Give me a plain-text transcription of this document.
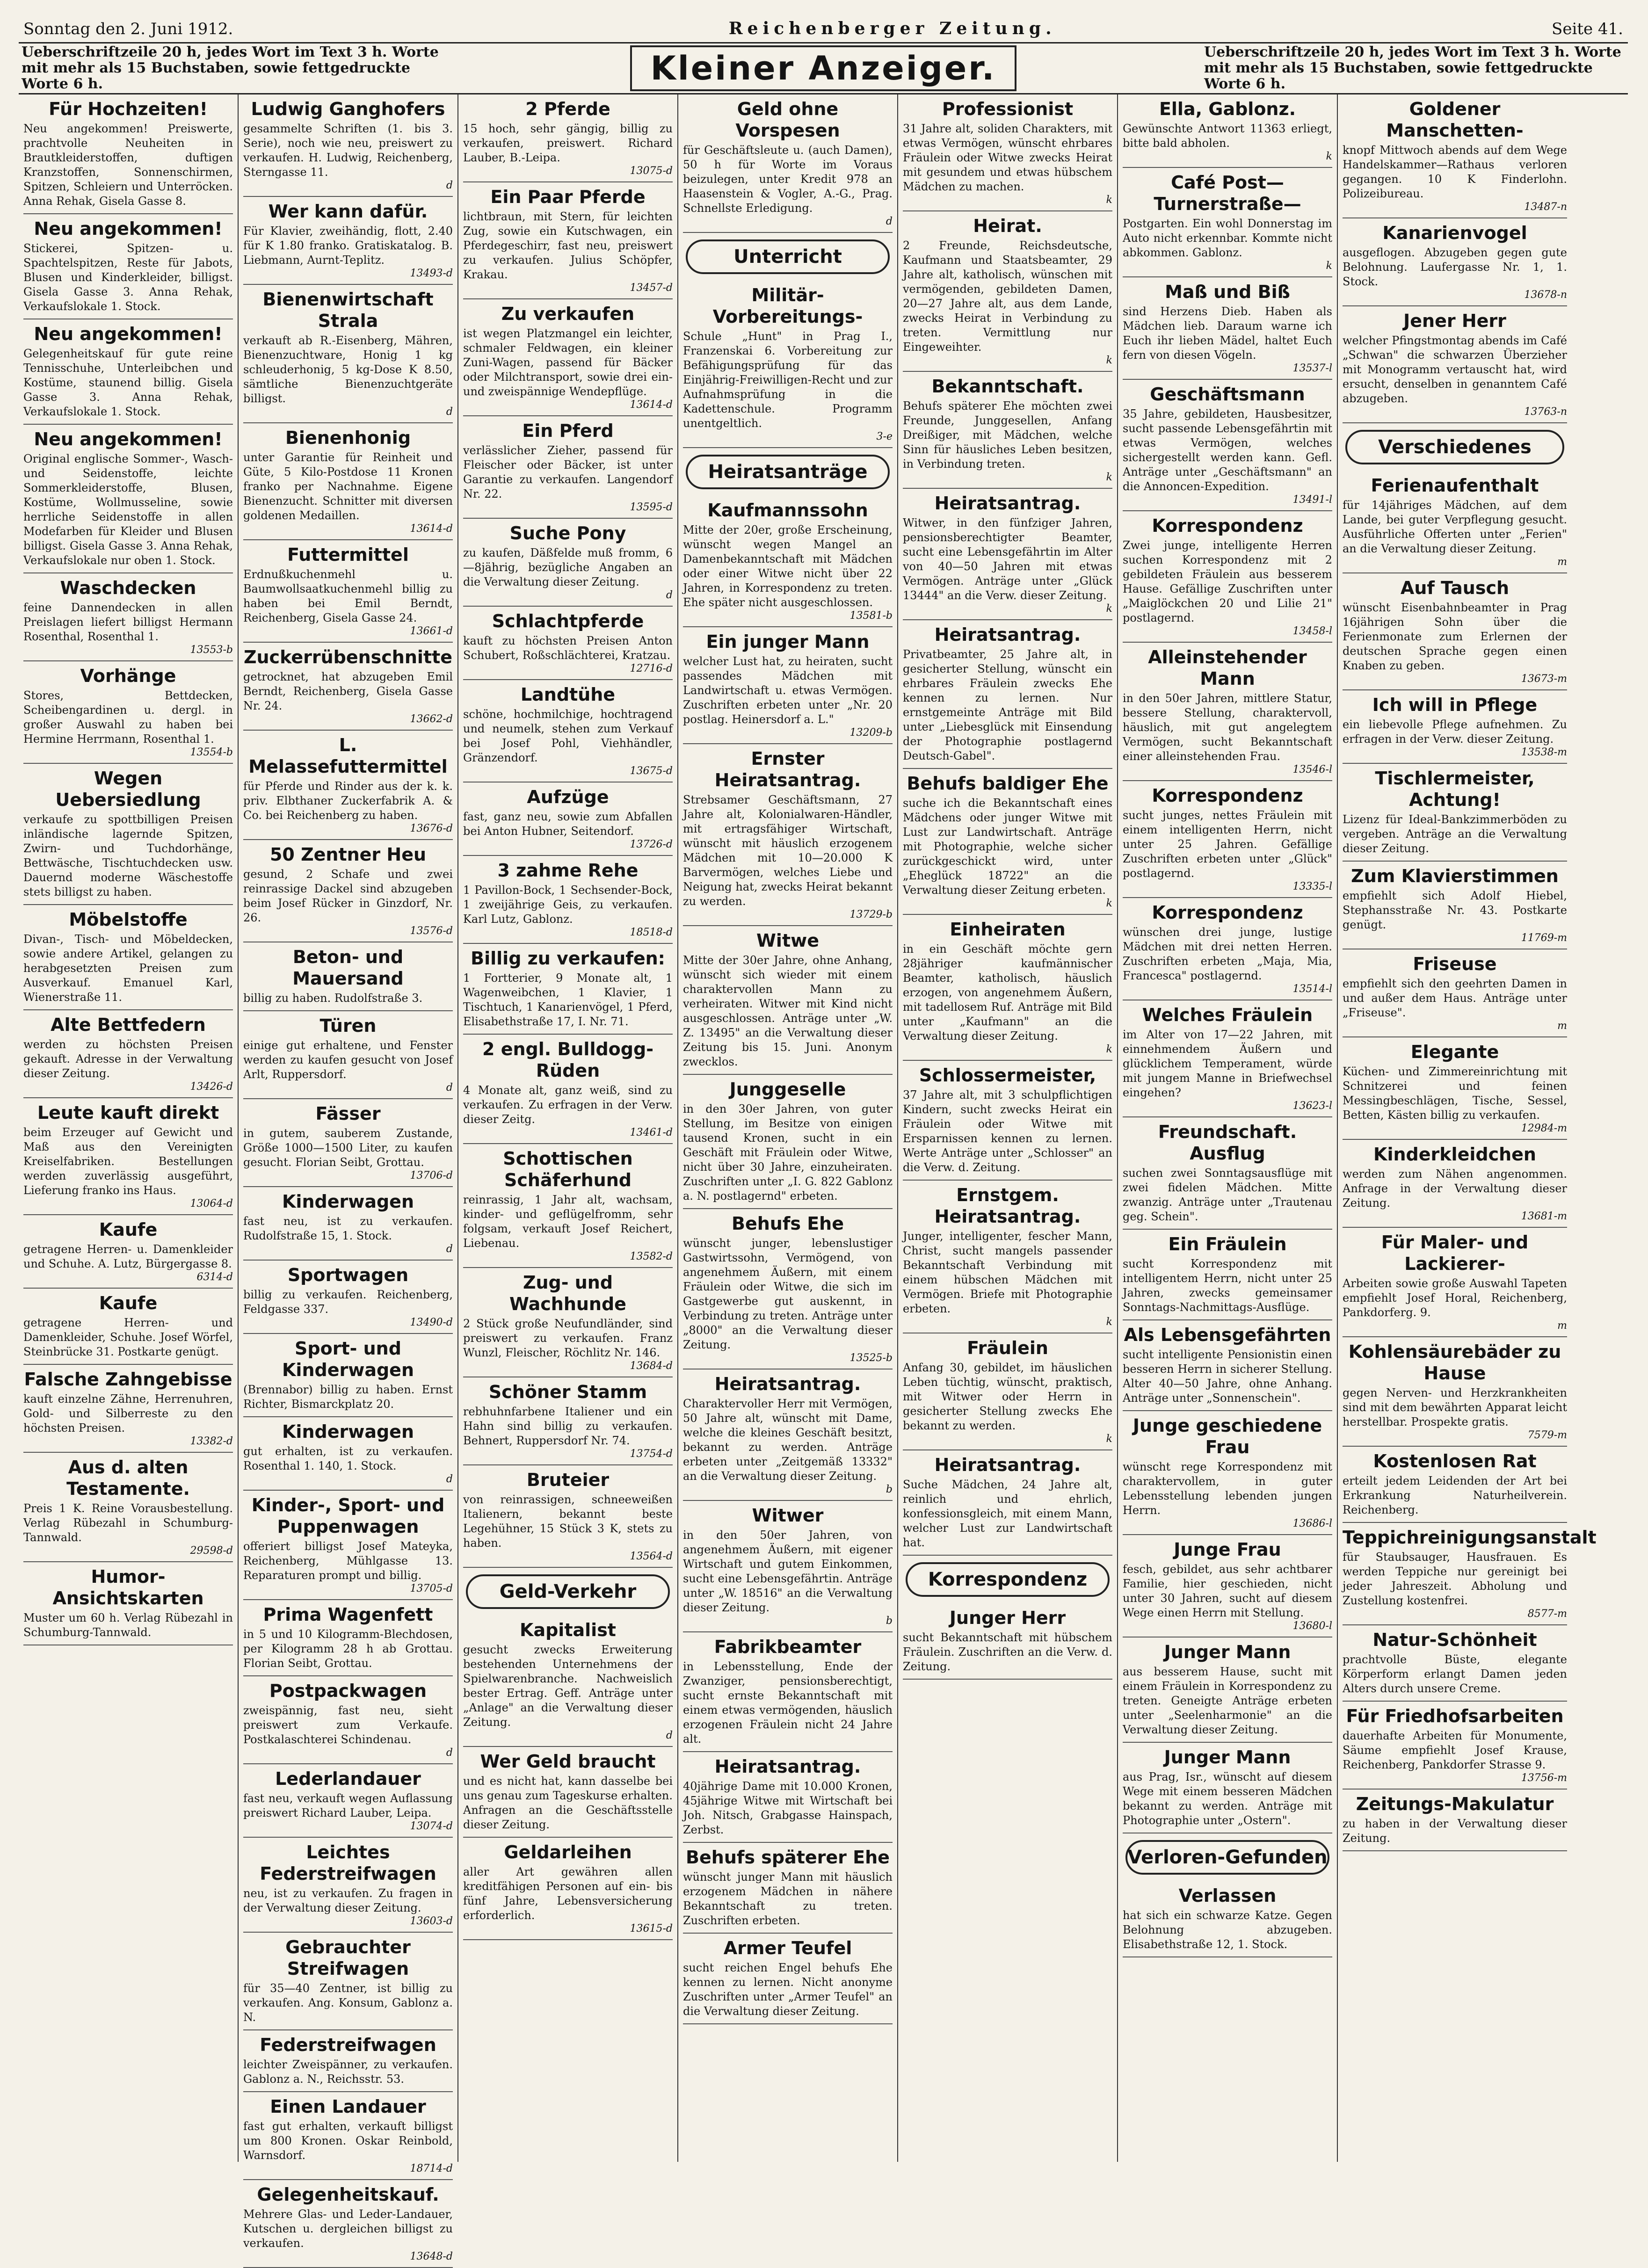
Sonntag den 2. Juni 1912.	Reichenberger Zeitung.	Seite 41.
Ueberschriftzeile 20 h, jedes Wort im Text 3 h. Worte mit mehr als 15 Buchstaben, sowie fettgedruckte Worte 6 h.	Kleiner Anzeiger.	Ueberschriftzeile 20 h, jedes Wort im Text 3 h. Worte mit mehr als 15 Buchstaben, sowie fettgedruckte Worte 6 h.
Für Hochzeiten!
Neu angekommen! Preiswerte, prachtvolle Neuheiten in Brautkleiderstoffen, duftigen Kranzstoffen, Sonnenschirmen, Spitzen, Schleiern und Unterröcken. Anna Rehak, Gisela Gasse 8.
Neu angekommen!
Stickerei, Spitzen- u. Spachtelspitzen, Reste für Jabots, Blusen und Kinderkleider, billigst. Gisela Gasse 3. Anna Rehak, Verkaufslokale 1. Stock.
Neu angekommen!
Gelegenheitskauf für gute reine Tennisschuhe, Unterleibchen und Kostüme, staunend billig. Gisela Gasse 3. Anna Rehak, Verkaufslokale 1. Stock.
Neu angekommen!
Original englische Sommer-, Wasch- und Seidenstoffe, leichte Sommerkleiderstoffe, Blusen, Kostüme, Wollmusseline, sowie herrliche Seidenstoffe in allen Modefarben für Kleider und Blusen billigst. Gisela Gasse 3. Anna Rehak, Verkaufslokale nur oben 1. Stock.
Waschdecken
feine Dannendecken in allen Preislagen liefert billigst Hermann Rosenthal, Rosenthal 1.
13553-b
Vorhänge
Stores, Bettdecken, Scheibengardinen u. dergl. in großer Auswahl zu haben bei Hermine Herrmann, Rosenthal 1.
13554-b
Wegen Uebersiedlung
verkaufe zu spottbilligen Preisen inländische lagernde Spitzen, Zwirn- und Tuchdorhänge, Bettwäsche, Tischtuchdecken usw. Dauernd moderne Wäschestoffe stets billigst zu haben.
Möbelstoffe
Divan-, Tisch- und Möbeldecken, sowie andere Artikel, gelangen zu herabgesetzten Preisen zum Ausverkauf. Emanuel Karl, Wienerstraße 11.
Alte Bettfedern
werden zu höchsten Preisen gekauft. Adresse in der Verwaltung dieser Zeitung.
13426-d
Leute kauft direkt
beim Erzeuger auf Gewicht und Maß aus den Vereinigten Kreiselfabriken. Bestellungen werden zuverlässig ausgeführt, Lieferung franko ins Haus.
13064-d
Kaufe
getragene Herren- u. Damenkleider und Schuhe. A. Lutz, Bürgergasse 8.
6314-d
Kaufe
getragene Herren- und Damenkleider, Schuhe. Josef Wörfel, Steinbrücke 31. Postkarte genügt.
Falsche Zahngebisse
kauft einzelne Zähne, Herrenuhren, Gold- und Silberreste zu den höchsten Preisen.
13382-d
Aus d. alten Testamente.
Preis 1 K. Reine Vorausbestellung. Verlag Rübezahl in Schumburg-Tannwald.
29598-d
Humor-Ansichtskarten
Muster um 60 h. Verlag Rübezahl in Schumburg-Tannwald.
Ludwig Ganghofers
gesammelte Schriften (1. bis 3. Serie), noch wie neu, preiswert zu verkaufen. H. Ludwig, Reichenberg, Sterngasse 11.
d
Wer kann dafür.
Für Klavier, zweihändig, flott, 2.40 für K 1.80 franko. Gratiskatalog. B. Liebmann, Aurnt-Teplitz.
13493-d
Bienenwirtschaft Strala
verkauft ab R.-Eisenberg, Mähren, Bienenzuchtware, Honig 1 kg schleuderhonig, 5 kg-Dose K 8.50, sämtliche Bienenzuchtgeräte billigst.
d
Bienenhonig
unter Garantie für Reinheit und Güte, 5 Kilo-Postdose 11 Kronen franko per Nachnahme. Eigene Bienenzucht. Schnitter mit diversen goldenen Medaillen.
13614-d
Futtermittel
Erdnußkuchenmehl u. Baumwollsaatkuchenmehl billig zu haben bei Emil Berndt, Reichenberg, Gisela Gasse 24.
13661-d
Zuckerrübenschnitte
getrocknet, hat abzugeben Emil Berndt, Reichenberg, Gisela Gasse Nr. 24.
13662-d
L. Melassefuttermittel
für Pferde und Rinder aus der k. k. priv. Elbthaner Zuckerfabrik A. & Co. bei Reichenberg zu haben.
13676-d
50 Zentner Heu
gesund, 2 Schafe und zwei reinrassige Dackel sind abzugeben beim Josef Rücker in Ginzdorf, Nr. 26.
13576-d
Beton- und Mauersand
billig zu haben. Rudolfstraße 3.
Türen
einige gut erhaltene, und Fenster werden zu kaufen gesucht von Josef Arlt, Ruppersdorf.
d
Fässer
in gutem, sauberem Zustande, Größe 1000—1500 Liter, zu kaufen gesucht. Florian Seibt, Grottau.
13706-d
Kinderwagen
fast neu, ist zu verkaufen. Rudolfstraße 15, 1. Stock.
d
Sportwagen
billig zu verkaufen. Reichenberg, Feldgasse 337.
13490-d
Sport- und Kinderwagen
(Brennabor) billig zu haben. Ernst Richter, Bismarckplatz 20.
Kinderwagen
gut erhalten, ist zu verkaufen. Rosenthal 1. 140, 1. Stock.
d
Kinder-, Sport- und Puppenwagen
offeriert billigst Josef Mateyka, Reichenberg, Mühlgasse 13. Reparaturen prompt und billig.
13705-d
Prima Wagenfett
in 5 und 10 Kilogramm-Blechdosen, per Kilogramm 28 h ab Grottau. Florian Seibt, Grottau.
Postpackwagen
zweispännig, fast neu, sieht preiswert zum Verkaufe. Postkalaschterei Schindenau.
d
Lederlandauer
fast neu, verkauft wegen Auflassung preiswert Richard Lauber, Leipa.
13074-d
Leichtes Federstreifwagen
neu, ist zu verkaufen. Zu fragen in der Verwaltung dieser Zeitung.
13603-d
Gebrauchter Streifwagen
für 35—40 Zentner, ist billig zu verkaufen. Ang. Konsum, Gablonz a. N.
Federstreifwagen
leichter Zweispänner, zu verkaufen. Gablonz a. N., Reichsstr. 53.
Einen Landauer
fast gut erhalten, verkauft billigst um 800 Kronen. Oskar Reinbold, Warnsdorf.
18714-d
Gelegenheitskauf.
Mehrere Glas- und Leder-Landauer, Kutschen u. dergleichen billigst zu verkaufen.
13648-d
2 Pferde
15 hoch, sehr gängig, billig zu verkaufen, preiswert. Richard Lauber, B.-Leipa.
13075-d
Ein Paar Pferde
lichtbraun, mit Stern, für leichten Zug, sowie ein Kutschwagen, ein Pferdegeschirr, fast neu, preiswert zu verkaufen. Julius Schöpfer, Krakau.
13457-d
Zu verkaufen
ist wegen Platzmangel ein leichter, schmaler Feldwagen, ein kleiner Zuni-Wagen, passend für Bäcker oder Milchtransport, sowie drei ein- und zweispännige Wendepflüge.
13614-d
Ein Pferd
verlässlicher Zieher, passend für Fleischer oder Bäcker, ist unter Garantie zu verkaufen. Langendorf Nr. 22.
13595-d
Suche Pony
zu kaufen, Däßfelde muß fromm, 6—8jährig, bezügliche Angaben an die Verwaltung dieser Zeitung.
d
Schlachtpferde
kauft zu höchsten Preisen Anton Schubert, Roßschlächterei, Kratzau.
12716-d
Landtühe
schöne, hochmilchige, hochtragend und neumelk, stehen zum Verkauf bei Josef Pohl, Viehhändler, Gränzendorf.
13675-d
Aufzüge
fast, ganz neu, sowie zum Abfallen bei Anton Hubner, Seitendorf.
13726-d
3 zahme Rehe
1 Pavillon-Bock, 1 Sechsender-Bock, 1 zweijährige Geis, zu verkaufen. Karl Lutz, Gablonz.
18518-d
Billig zu verkaufen:
1 Fortterier, 9 Monate alt, 1 Wagenweibchen, 1 Klavier, 1 Tischtuch, 1 Kanarienvögel, 1 Pferd, Elisabethstraße 17, I. Nr. 71.
2 engl. Bulldogg-Rüden
4 Monate alt, ganz weiß, sind zu verkaufen. Zu erfragen in der Verw. dieser Zeitg.
13461-d
Schottischen Schäferhund
reinrassig, 1 Jahr alt, wachsam, kinder- und geflügelfromm, sehr folgsam, verkauft Josef Reichert, Liebenau.
13582-d
Zug- und Wachhunde
2 Stück große Neufundländer, sind preiswert zu verkaufen. Franz Wunzl, Fleischer, Röchlitz Nr. 146.
13684-d
Schöner Stamm
rebhuhnfarbene Italiener und ein Hahn sind billig zu verkaufen. Behnert, Ruppersdorf Nr. 74.
13754-d
Bruteier
von reinrassigen, schneeweißen Italienern, bekannt beste Legehühner, 15 Stück 3 K, stets zu haben.
13564-d
Geld-Verkehr
Kapitalist
gesucht zwecks Erweiterung bestehenden Unternehmens der Spielwarenbranche. Nachweislich bester Ertrag. Geff. Anträge unter „Anlage" an die Verwaltung dieser Zeitung.
d
Wer Geld braucht
und es nicht hat, kann dasselbe bei uns genau zum Tageskurse erhalten. Anfragen an die Geschäftsstelle dieser Zeitung.
Geldarleihen
aller Art gewähren allen kreditfähigen Personen auf ein- bis fünf Jahre, Lebensversicherung erforderlich.
13615-d
Geld ohne Vorspesen
für Geschäftsleute u. (auch Damen), 50 h für Worte im Voraus beizulegen, unter Kredit 978 an Haasenstein & Vogler, A.-G., Prag. Schnellste Erledigung.
d
Unterricht
Militär-Vorbereitungs-
Schule „Hunt" in Prag I., Franzenskai 6. Vorbereitung zur Befähigungsprüfung für das Einjährig-Freiwilligen-Recht und zur Aufnahmsprüfung in die Kadettenschule. Programm unentgeltlich.
3-e
Heiratsanträge
Kaufmannssohn
Mitte der 20er, große Erscheinung, wünscht wegen Mangel an Damenbekanntschaft mit Mädchen oder einer Witwe nicht über 22 Jahren, in Korrespondenz zu treten. Ehe später nicht ausgeschlossen.
13581-b
Ein junger Mann
welcher Lust hat, zu heiraten, sucht passendes Mädchen mit Landwirtschaft u. etwas Vermögen. Zuschriften erbeten unter „Nr. 20 postlag. Heinersdorf a. L."
13209-b
Ernster Heiratsantrag.
Strebsamer Geschäftsmann, 27 Jahre alt, Kolonialwaren-Händler, mit ertragsfähiger Wirtschaft, wünscht mit häuslich erzogenem Mädchen mit 10—20.000 K Barvermögen, welches Liebe und Neigung hat, zwecks Heirat bekannt zu werden.
13729-b
Witwe
Mitte der 30er Jahre, ohne Anhang, wünscht sich wieder mit einem charaktervollen Mann zu verheiraten. Witwer mit Kind nicht ausgeschlossen. Anträge unter „W. Z. 13495" an die Verwaltung dieser Zeitung bis 15. Juni. Anonym zwecklos.
Junggeselle
in den 30er Jahren, von guter Stellung, im Besitze von einigen tausend Kronen, sucht in ein Geschäft mit Fräulein oder Witwe, nicht über 30 Jahre, einzuheiraten. Zuschriften unter „I. G. 822 Gablonz a. N. postlagernd" erbeten.
Behufs Ehe
wünscht junger, lebenslustiger Gastwirtssohn, Vermögend, von angenehmem Äußern, mit einem Fräulein oder Witwe, die sich im Gastgewerbe gut auskennt, in Verbindung zu treten. Anträge unter „8000" an die Verwaltung dieser Zeitung.
13525-b
Heiratsantrag.
Charaktervoller Herr mit Vermögen, 50 Jahre alt, wünscht mit Dame, welche die kleines Geschäft besitzt, bekannt zu werden. Anträge erbeten unter „Zeitgemäß 13332" an die Verwaltung dieser Zeitung.
b
Witwer
in den 50er Jahren, von angenehmem Äußern, mit eigener Wirtschaft und gutem Einkommen, sucht eine Lebensgefährtin. Anträge unter „W. 18516" an die Verwaltung dieser Zeitung.
b
Fabrikbeamter
in Lebensstellung, Ende der Zwanziger, pensionsberechtigt, sucht ernste Bekanntschaft mit einem etwas vermögenden, häuslich erzogenen Fräulein nicht 24 Jahre alt.
Heiratsantrag.
40jährige Dame mit 10.000 Kronen, 45jährige Witwe mit Wirtschaft bei Joh. Nitsch, Grabgasse Hainspach, Zerbst.
Behufs späterer Ehe
wünscht junger Mann mit häuslich erzogenem Mädchen in nähere Bekanntschaft zu treten. Zuschriften erbeten.
Armer Teufel
sucht reichen Engel behufs Ehe kennen zu lernen. Nicht anonyme Zuschriften unter „Armer Teufel" an die Verwaltung dieser Zeitung.
Professionist
31 Jahre alt, soliden Charakters, mit etwas Vermögen, wünscht ehrbares Fräulein oder Witwe zwecks Heirat mit gesundem und etwas hübschem Mädchen zu machen.
k
Heirat.
2 Freunde, Reichsdeutsche, Kaufmann und Staatsbeamter, 29 Jahre alt, katholisch, wünschen mit vermögenden, gebildeten Damen, 20—27 Jahre alt, aus dem Lande, zwecks Heirat in Verbindung zu treten. Vermittlung nur Eingeweihter.
k
Bekanntschaft.
Behufs späterer Ehe möchten zwei Freunde, Junggesellen, Anfang Dreißiger, mit Mädchen, welche Sinn für häusliches Leben besitzen, in Verbindung treten.
k
Heiratsantrag.
Witwer, in den fünfziger Jahren, pensionsberechtigter Beamter, sucht eine Lebensgefährtin im Alter von 40—50 Jahren mit etwas Vermögen. Anträge unter „Glück 13444" an die Verw. dieser Zeitung.
k
Heiratsantrag.
Privatbeamter, 25 Jahre alt, in gesicherter Stellung, wünscht ein ehrbares Fräulein zwecks Ehe kennen zu lernen. Nur ernstgemeinte Anträge mit Bild unter „Liebesglück mit Einsendung der Photographie postlagernd Deutsch-Gabel".
Behufs baldiger Ehe
suche ich die Bekanntschaft eines Mädchens oder junger Witwe mit Lust zur Landwirtschaft. Anträge mit Photographie, welche sicher zurückgeschickt wird, unter „Eheglück 18722" an die Verwaltung dieser Zeitung erbeten.
k
Einheiraten
in ein Geschäft möchte gern 28jähriger kaufmännischer Beamter, katholisch, häuslich erzogen, von angenehmem Äußern, mit tadellosem Ruf. Anträge mit Bild unter „Kaufmann" an die Verwaltung dieser Zeitung.
k
Schlossermeister,
37 Jahre alt, mit 3 schulpflichtigen Kindern, sucht zwecks Heirat ein Fräulein oder Witwe mit Ersparnissen kennen zu lernen. Werte Anträge unter „Schlosser" an die Verw. d. Zeitung.
Ernstgem. Heiratsantrag.
Junger, intelligenter, fescher Mann, Christ, sucht mangels passender Bekanntschaft Verbindung mit einem hübschen Mädchen mit Vermögen. Briefe mit Photographie erbeten.
k
Fräulein
Anfang 30, gebildet, im häuslichen Leben tüchtig, wünscht, praktisch, mit Witwer oder Herrn in gesicherter Stellung zwecks Ehe bekannt zu werden.
k
Heiratsantrag.
Suche Mädchen, 24 Jahre alt, reinlich und ehrlich, konfessionsgleich, mit einem Mann, welcher Lust zur Landwirtschaft hat.
Korrespondenz
Junger Herr
sucht Bekanntschaft mit hübschem Fräulein. Zuschriften an die Verw. d. Zeitung.
Ella, Gablonz.
Gewünschte Antwort 11363 erliegt, bitte bald abholen.
k
Café Post—Turnerstraße—
Postgarten. Ein wohl Donnerstag im Auto nicht erkennbar. Kommte nicht abkommen. Gablonz.
k
Maß und Biß
sind Herzens Dieb. Haben als Mädchen lieb. Daraum warne ich Euch ihr lieben Mädel, haltet Euch fern von diesen Vögeln.
13537-l
Geschäftsmann
35 Jahre, gebildeten, Hausbesitzer, sucht passende Lebensgefährtin mit etwas Vermögen, welches sichergestellt werden kann. Gefl. Anträge unter „Geschäftsmann" an die Annoncen-Expedition.
13491-l
Korrespondenz
Zwei junge, intelligente Herren suchen Korrespondenz mit 2 gebildeten Fräulein aus besserem Hause. Gefällige Zuschriften unter „Maiglöckchen 20 und Lilie 21" postlagernd.
13458-l
Alleinstehender Mann
in den 50er Jahren, mittlere Statur, bessere Stellung, charaktervoll, häuslich, mit gut angelegtem Vermögen, sucht Bekanntschaft einer alleinstehenden Frau.
13546-l
Korrespondenz
sucht junges, nettes Fräulein mit einem intelligenten Herrn, nicht unter 25 Jahren. Gefällige Zuschriften erbeten unter „Glück" postlagernd.
13335-l
Korrespondenz
wünschen drei junge, lustige Mädchen mit drei netten Herren. Zuschriften erbeten „Maja, Mia, Francesca" postlagernd.
13514-l
Welches Fräulein
im Alter von 17—22 Jahren, mit einnehmendem Äußern und glücklichem Temperament, würde mit jungem Manne in Briefwechsel eingehen?
13623-l
Freundschaft. Ausflug
suchen zwei Sonntagsausflüge mit zwei fidelen Mädchen. Mitte zwanzig. Anträge unter „Trautenau geg. Schein".
Ein Fräulein
sucht Korrespondenz mit intelligentem Herrn, nicht unter 25 Jahren, zwecks gemeinsamer Sonntags-Nachmittags-Ausflüge.
Als Lebensgefährten
sucht intelligente Pensionistin einen besseren Herrn in sicherer Stellung. Alter 40—50 Jahre, ohne Anhang. Anträge unter „Sonnenschein".
Junge geschiedene Frau
wünscht rege Korrespondenz mit charaktervollem, in guter Lebensstellung lebenden jungen Herrn.
13686-l
Junge Frau
fesch, gebildet, aus sehr achtbarer Familie, hier geschieden, nicht unter 30 Jahren, sucht auf diesem Wege einen Herrn mit Stellung.
13680-l
Junger Mann
aus besserem Hause, sucht mit einem Fräulein in Korrespondenz zu treten. Geneigte Anträge erbeten unter „Seelenharmonie" an die Verwaltung dieser Zeitung.
Junger Mann
aus Prag, Isr., wünscht auf diesem Wege mit einem besseren Mädchen bekannt zu werden. Anträge mit Photographie unter „Ostern".
Verloren-Gefunden
Verlassen
hat sich ein schwarze Katze. Gegen Belohnung abzugeben. Elisabethstraße 12, 1. Stock.
Goldener Manschetten-
knopf Mittwoch abends auf dem Wege Handelskammer—Rathaus verloren gegangen. 10 K Finderlohn. Polizeibureau.
13487-n
Kanarienvogel
ausgeflogen. Abzugeben gegen gute Belohnung. Laufergasse Nr. 1, 1. Stock.
13678-n
Jener Herr
welcher Pfingstmontag abends im Café „Schwan" die schwarzen Überzieher mit Monogramm vertauscht hat, wird ersucht, denselben in genanntem Café abzugeben.
13763-n
Verschiedenes
Ferienaufenthalt
für 14jähriges Mädchen, auf dem Lande, bei guter Verpflegung gesucht. Ausführliche Offerten unter „Ferien" an die Verwaltung dieser Zeitung.
m
Auf Tausch
wünscht Eisenbahnbeamter in Prag 16jährigen Sohn über die Ferienmonate zum Erlernen der deutschen Sprache gegen einen Knaben zu geben.
13673-m
Ich will in Pflege
ein liebevolle Pflege aufnehmen. Zu erfragen in der Verw. dieser Zeitung.
13538-m
Tischlermeister, Achtung!
Lizenz für Ideal-Bankzimmerböden zu vergeben. Anträge an die Verwaltung dieser Zeitung.
Zum Klavierstimmen
empfiehlt sich Adolf Hiebel, Stephansstraße Nr. 43. Postkarte genügt.
11769-m
Friseuse
empfiehlt sich den geehrten Damen in und außer dem Haus. Anträge unter „Friseuse".
m
Elegante
Küchen- und Zimmereinrichtung mit Schnitzerei und feinen Messingbeschlägen, Tische, Sessel, Betten, Kästen billig zu verkaufen.
12984-m
Kinderkleidchen
werden zum Nähen angenommen. Anfrage in der Verwaltung dieser Zeitung.
13681-m
Für Maler- und Lackierer-
Arbeiten sowie große Auswahl Tapeten empfiehlt Josef Horal, Reichenberg, Pankdorferg. 9.
m
Kohlensäurebäder zu Hause
gegen Nerven- und Herzkrankheiten sind mit dem bewährten Apparat leicht herstellbar. Prospekte gratis.
7579-m
Kostenlosen Rat
erteilt jedem Leidenden der Art bei Erkrankung Naturheilverein. Reichenberg.
Teppichreinigungsanstalt
für Staubsauger, Hausfrauen. Es werden Teppiche nur gereinigt bei jeder Jahreszeit. Abholung und Zustellung kostenfrei.
8577-m
Natur-Schönheit
prachtvolle Büste, elegante Körperform erlangt Damen jeden Alters durch unsere Creme.
Für Friedhofsarbeiten
dauerhafte Arbeiten für Monumente, Säume empfiehlt Josef Krause, Reichenberg, Pankdorfer Strasse 9.
13756-m
Zeitungs-Makulatur
zu haben in der Verwaltung dieser Zeitung.
